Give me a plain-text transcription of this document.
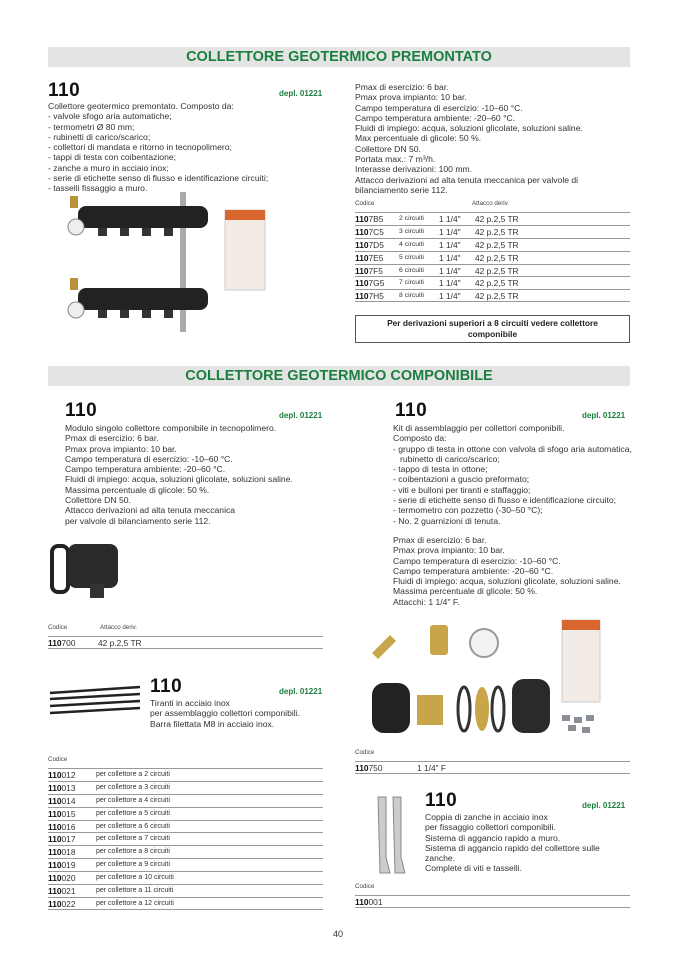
COLLETTORE GEOTERMICO PREMONTATO
COLLETTORE GEOTERMICO COMPONIBILE
110	depl. 01221
Collettore geotermico premontato. Composto da:
- valvole sfogo aria automatiche;
- termometri Ø 80 mm;
- rubinetti di carico/scarico;
- collettori di mandata e ritorno in tecnopolimero;
- tappi di testa con coibentazione;
- zanche a muro in acciaio inox;
- serie di etichette senso di flusso e identificazione circuiti;
- tasselli fissaggio a muro.
Pmax di esercizio: 6 bar.
Pmax prova impianto: 10 bar.
Campo temperatura di esercizio: -10–60 °C.
Campo temperatura ambiente: -20–60 °C.
Fluidi di impiego: acqua, soluzioni glicolate, soluzioni saline.
Max percentuale di glicole: 50 %.
Collettore DN 50.
Portata max.: 7 m³/h.
Interasse derivazioni: 100 mm.
Attacco derivazioni ad alta tenuta meccanica per valvole di
bilanciamento serie 112.
Codice	Attacco deriv.
1107B5	2 circuiti	1 1/4"	42 p.2,5 TR
1107C5	3 circuiti	1 1/4"	42 p.2,5 TR
1107D5	4 circuiti	1 1/4"	42 p.2,5 TR
1107E5	5 circuiti	1 1/4"	42 p.2,5 TR
1107F5	6 circuiti	1 1/4"	42 p.2,5 TR
1107G5	7 circuiti	1 1/4"	42 p.2,5 TR
1107H5	8 circuiti	1 1/4"	42 p.2,5 TR
Per derivazioni superiori a 8 circuiti vedere collettore
componibile
110	depl. 01221
Modulo singolo collettore componibile in tecnopolimero.
Pmax di esercizio: 6 bar.
Pmax prova impianto: 10 bar.
Campo temperatura di esercizio: -10–60 °C.
Campo temperatura ambiente: -20–60 °C.
Fluidi di impiego: acqua, soluzioni glicolate, soluzioni saline.
Massima percentuale di glicole: 50 %.
Collettore DN 50.
Attacco derivazioni ad alta tenuta meccanica
per valvole di bilanciamento serie 112.
Codice	Attacco deriv.
110700	42 p.2,5 TR
110	depl. 01221
Tiranti in acciaio inox
per assemblaggio collettori componibili.
Barra filettata M8 in acciaio inox.
Codice
110012	per collettore a 2 circuiti
110013	per collettore a 3 circuiti
110014	per collettore a 4 circuiti
110015	per collettore a 5 circuiti
110016	per collettore a 6 circuiti
110017	per collettore a 7 circuiti
110018	per collettore a 8 circuiti
110019	per collettore a 9 circuiti
110020	per collettore a 10 circuiti
110021	per collettore a 11 circuiti
110022	per collettore a 12 circuiti
110	depl. 01221
Kit di assemblaggio per collettori componibili.
Composto da:
- gruppo di testa in ottone con valvola di sfogo aria automatica,
rubinetto di carico/scarico;
- tappo di testa in ottone;
- coibentazioni a guscio preformato;
- viti e bulloni per tiranti e staffaggio;
- serie di etichette senso di flusso e identificazione circuito;
- termometro con pozzetto (-30–50 °C);
- No. 2 guarnizioni di tenuta.
Pmax di esercizio: 6 bar.
Pmax prova impianto: 10 bar.
Campo temperatura di esercizio: -10–60 °C.
Campo temperatura ambiente: -20–60 °C.
Fluidi di impiego: acqua, soluzioni glicolate, soluzioni saline.
Massima percentuale di glicole: 50 %.
Attacchi: 1 1/4" F.
Codice
110750	1 1/4" F
110	depl. 01221
Coppia di zanche in acciaio inox
per fissaggio collettori componibili.
Sistema di aggancio rapido a muro.
Sistema di aggancio rapido del collettore sulle
zanche.
Complete di viti e tasselli.
Codice
110001
40
